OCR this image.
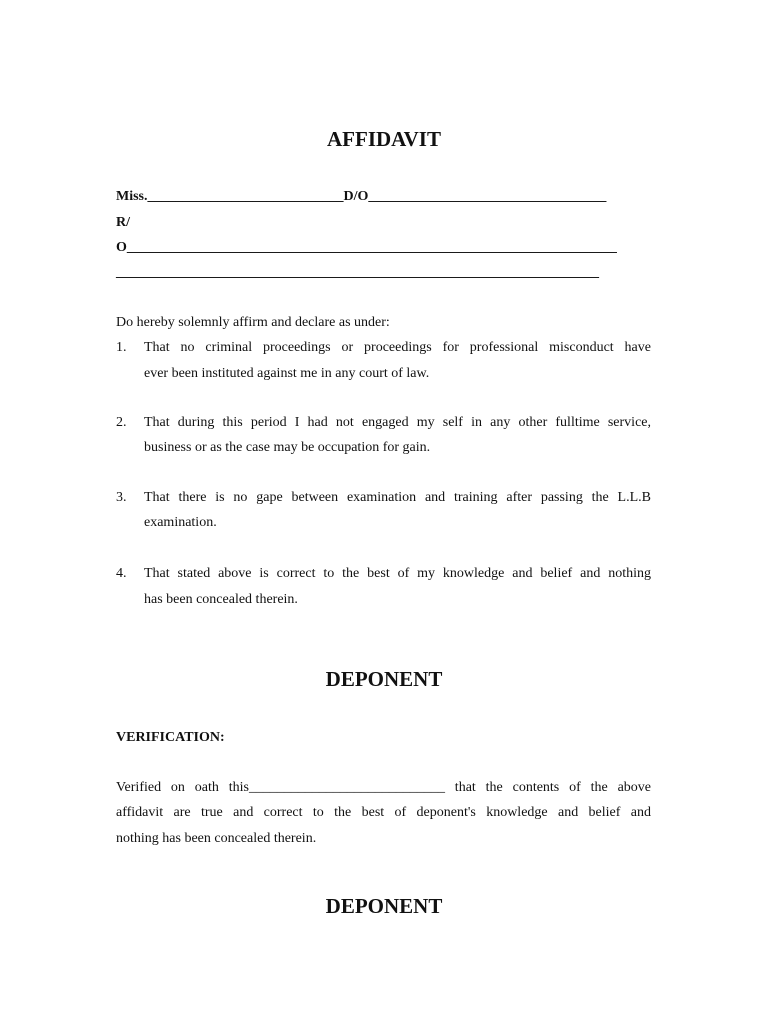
AFFIDAVIT
Miss.____________________________D/O__________________________________
R/
O______________________________________________________________________
_____________________________________________________________________
Do hereby solemnly affirm and declare as under:
1. That no criminal proceedings or proceedings for professional misconduct have
ever been instituted against me in any court of law.
2. That during this period I had not engaged my self in any other fulltime service,
business or as the case may be occupation for gain.
3. That there is no gape between examination and training after passing the L.L.B
examination.
4. That stated above is correct to the best of my knowledge and belief and nothing
has been concealed therein.
DEPONENT
VERIFICATION:
Verified on oath this____________________________ that the contents of the above
affidavit are true and correct to the best of deponent's knowledge and belief and
nothing has been concealed therein.
DEPONENT
